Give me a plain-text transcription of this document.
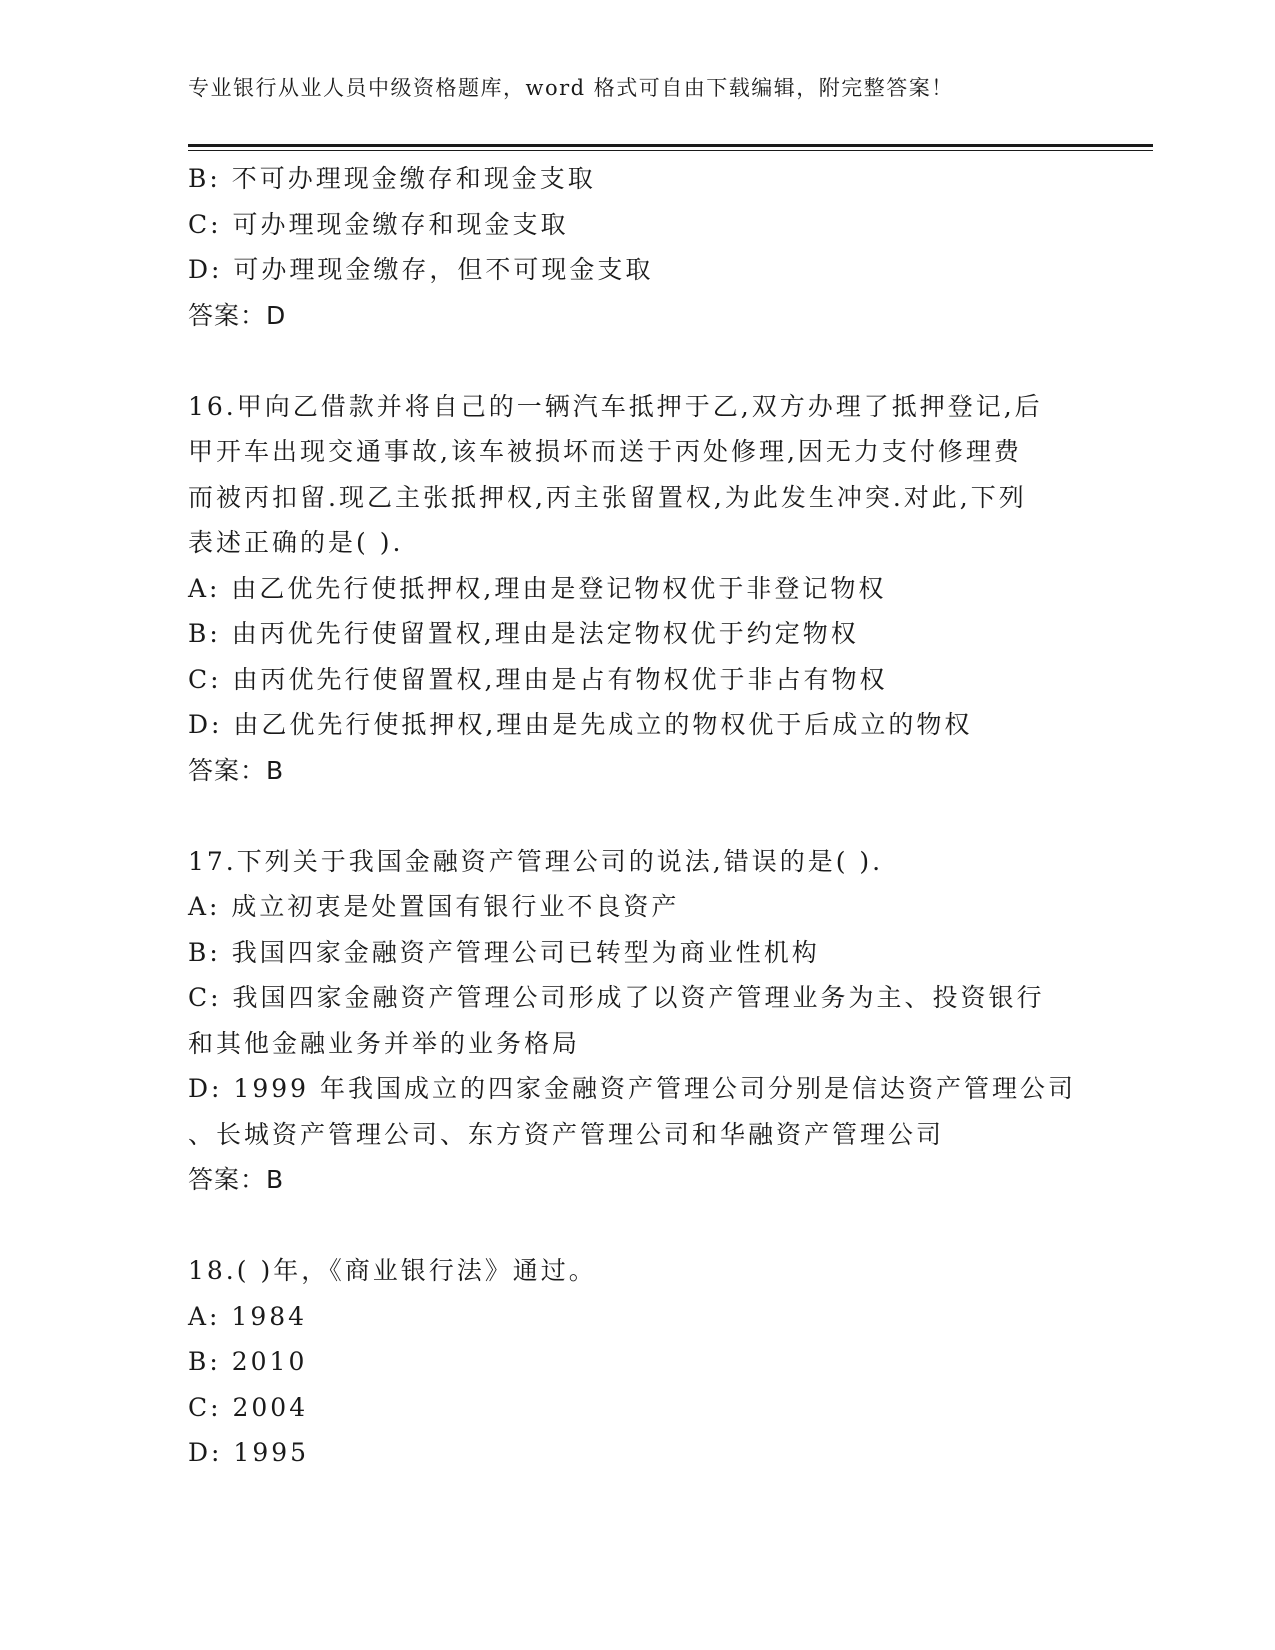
专业银行从业人员中级资格题库，word 格式可自由下载编辑，附完整答案！
B: 不可办理现金缴存和现金支取
C: 可办理现金缴存和现金支取
D: 可办理现金缴存，但不可现金支取
答案：D
16.甲向乙借款并将自己的一辆汽车抵押于乙,双方办理了抵押登记,后
甲开车出现交通事故,该车被损坏而送于丙处修理,因无力支付修理费
而被丙扣留.现乙主张抵押权,丙主张留置权,为此发生冲突.对此,下列
表述正确的是( ).
A: 由乙优先行使抵押权,理由是登记物权优于非登记物权
B: 由丙优先行使留置权,理由是法定物权优于约定物权
C: 由丙优先行使留置权,理由是占有物权优于非占有物权
D: 由乙优先行使抵押权,理由是先成立的物权优于后成立的物权
答案：B
17.下列关于我国金融资产管理公司的说法,错误的是( ).
A: 成立初衷是处置国有银行业不良资产
B: 我国四家金融资产管理公司已转型为商业性机构
C: 我国四家金融资产管理公司形成了以资产管理业务为主、投资银行
和其他金融业务并举的业务格局
D: 1999 年我国成立的四家金融资产管理公司分别是信达资产管理公司
、长城资产管理公司、东方资产管理公司和华融资产管理公司
答案：B
18.( )年，《商业银行法》通过。
A: 1984
B: 2010
C: 2004
D: 1995
